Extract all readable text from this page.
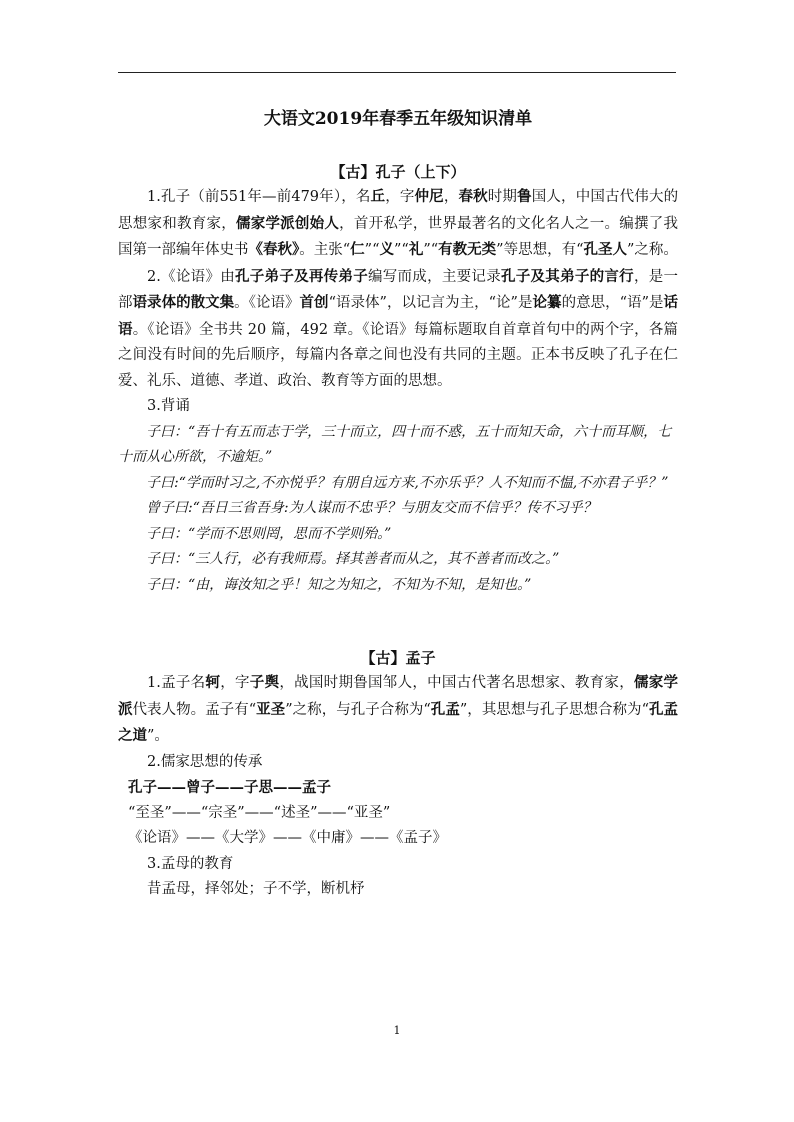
大语文2019年春季五年级知识清单
【古】孔子（上下）

1.孔子（前551年—前479年），名丘，字仲尼，春秋时期鲁国人，中国古代伟大的思想家和教育家，儒家学派创始人，首开私学，世界最著名的文化名人之一。编撰了我国第一部编年体史书《春秋》。主张“仁”“义”“礼”“有教无类”等思想，有“孔圣人”之称。

2.《论语》由孔子弟子及再传弟子编写而成，主要记录孔子及其弟子的言行，是一部语录体的散文集。《论语》首创“语录体”，以记言为主，“论”是论纂的意思，“语”是话语。《论语》全书共 20 篇，492 章。《论语》每篇标题取自首章首句中的两个字，各篇之间没有时间的先后顺序，每篇内各章之间也没有共同的主题。正本书反映了孔子在仁爱、礼乐、道德、孝道、政治、教育等方面的思想。

3.背诵

子曰：“吾十有五而志于学，三十而立，四十而不惑，五十而知天命，六十而耳顺，七十而从心所欲，不逾矩。”

子曰:“学而时习之,不亦悦乎？有朋自远方来,不亦乐乎？人不知而不愠,不亦君子乎？”

曾子曰:“吾日三省吾身:为人谋而不忠乎？与朋友交而不信乎？传不习乎？

子曰：“学而不思则罔，思而不学则殆。”

子曰：“三人行，必有我师焉。择其善者而从之，其不善者而改之。”

子曰：“由，诲汝知之乎！知之为知之，不知为不知，是知也。”

【古】孟子

1.孟子名轲，字子舆，战国时期鲁国邹人，中国古代著名思想家、教育家，儒家学派代表人物。孟子有“亚圣”之称，与孔子合称为“孔孟”，其思想与孔子思想合称为“孔孟之道”。

2.儒家思想的传承

孔子——曾子——子思——孟子

“至圣”——“宗圣”——“述圣”——“亚圣”

《论语》——《大学》——《中庸》——《孟子》

3.孟母的教育

昔孟母，择邻处；子不学，断机杼

1
